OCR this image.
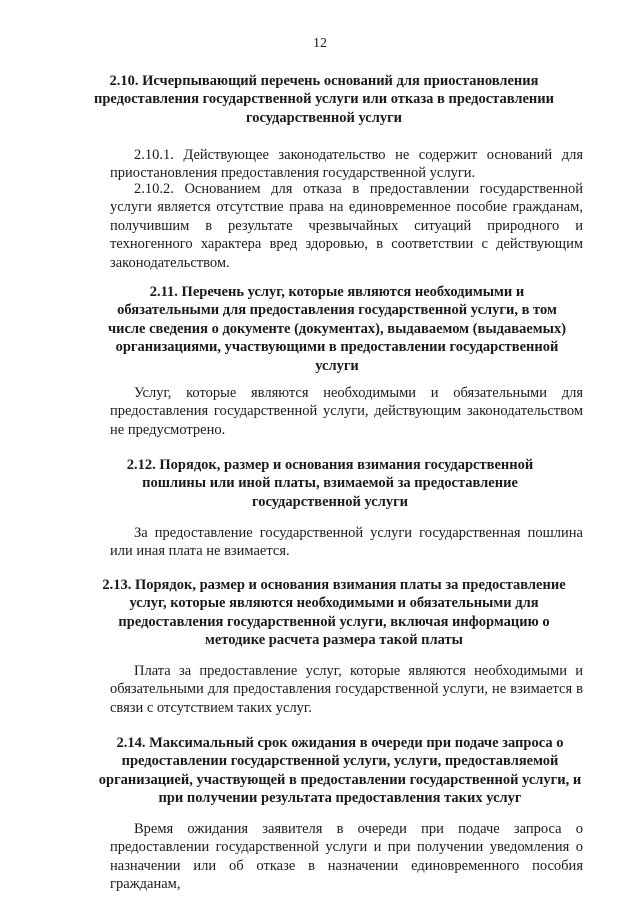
12
2.10. Исчерпывающий перечень оснований для приостановления предоставления государственной услуги или отказа в предоставлении государственной услуги
2.10.1. Действующее законодательство не содержит оснований для приостановления предоставления государственной услуги.
2.10.2. Основанием для отказа в предоставлении государственной услуги является отсутствие права на единовременное пособие гражданам, получившим в результате чрезвычайных ситуаций природного и техногенного характера вред здоровью, в соответствии с действующим законодательством.
2.11. Перечень услуг, которые являются необходимыми и обязательными для предоставления государственной услуги, в том числе сведения о документе (документах), выдаваемом (выдаваемых) организациями, участвующими в предоставлении государственной услуги
Услуг, которые являются необходимыми и обязательными для предоставления государственной услуги, действующим законодательством не предусмотрено.
2.12. Порядок, размер и основания взимания государственной пошлины или иной платы, взимаемой за предоставление государственной услуги
За предоставление государственной услуги государственная пошлина или иная плата не взимается.
2.13. Порядок, размер и основания взимания платы за предоставление услуг, которые являются необходимыми и обязательными для предоставления государственной услуги, включая информацию о методике расчета размера такой платы
Плата за предоставление услуг, которые являются необходимыми и обязательными для предоставления государственной услуги, не взимается в связи с отсутствием таких услуг.
2.14. Максимальный срок ожидания в очереди при подаче запроса о предоставлении государственной услуги, услуги, предоставляемой организацией, участвующей в предоставлении государственной услуги, и при получении результата предоставления таких услуг
Время ожидания заявителя в очереди при подаче запроса о предоставлении государственной услуги и при получении уведомления о назначении или об отказе в назначении единовременного пособия гражданам,
